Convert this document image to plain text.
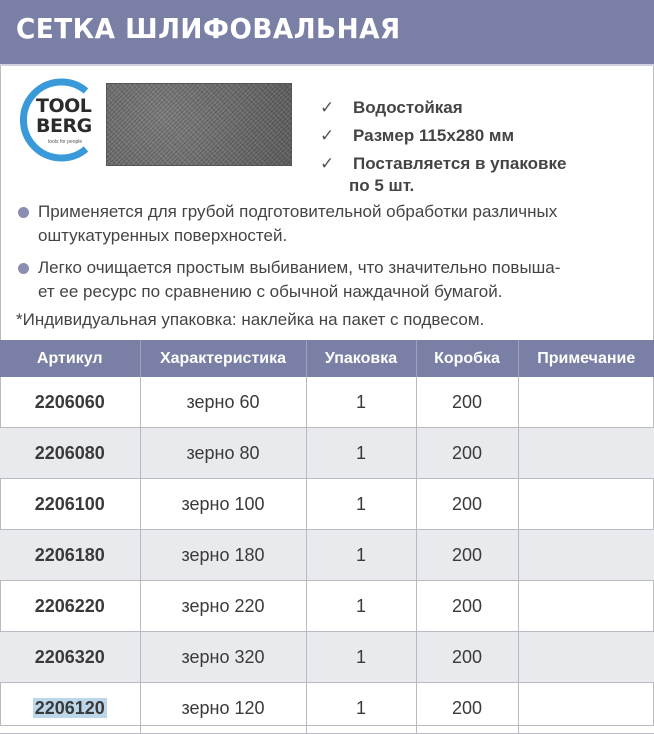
СЕТКА ШЛИФОВАЛЬНАЯ
TOOL
BERG
tools for people
✓ Водостойкая
✓ Размер 115x280 мм
✓ Поставляется в упаковке
по 5 шт.
Применяется для грубой подготовительной обработки различных
оштукатуренных поверхностей.
Легко очищается простым выбиванием, что значительно повыша-
ет ее ресурс по сравнению с обычной наждачной бумагой.
*Индивидуальная упаковка: наклейка на пакет с подвесом.
Артикул	Характеристика	Упаковка	Коробка	Примечание
2206060	зерно 60	1	200	
2206080	зерно 80	1	200	
2206100	зерно 100	1	200	
2206180	зерно 180	1	200	
2206220	зерно 220	1	200	
2206320	зерно 320	1	200	
2206120	зерно 120	1	200	
